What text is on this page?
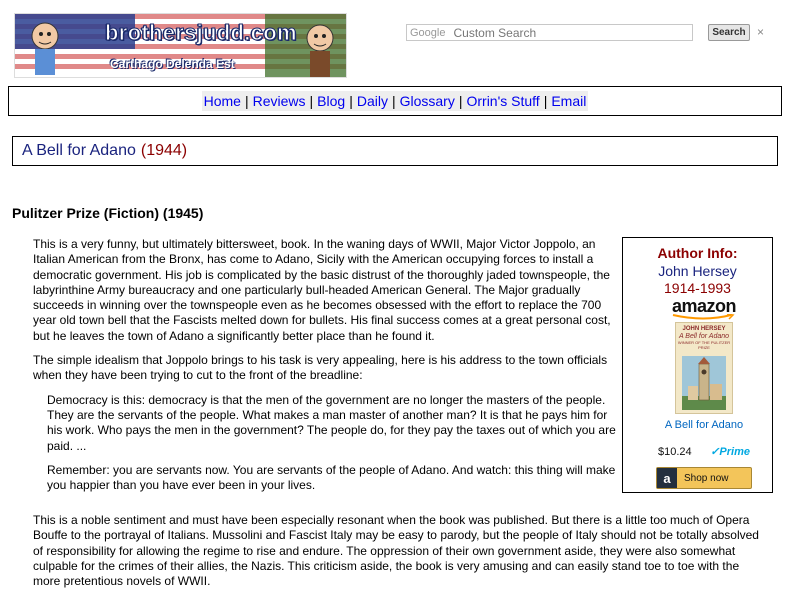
brothersjudd.com
Carthago Delenda Est
Google Custom Search	Search ×
Home | Reviews | Blog | Daily | Glossary | Orrin's Stuff | Email
A Bell for Adano (1944)
Pulitzer Prize (Fiction) (1945)

This is a very funny, but ultimately bittersweet, book. In the waning days of WWII, Major Victor Joppolo, an Italian American from the Bronx, has come to Adano, Sicily with the American occupying forces to install a democratic government. His job is complicated by the basic distrust of the thoroughly jaded townspeople, the labyrinthine Army bureaucracy and one particularly bull-headed American General. The Major gradually succeeds in winning over the townspeople even as he becomes obsessed with the effort to replace the 700 year old town bell that the Fascists melted down for bullets. His final success comes at a great personal cost, but he leaves the town of Adano a significantly better place than he found it.

The simple idealism that Joppolo brings to his task is very appealing, here is his address to the town officials when they have been trying to cut to the front of the breadline:

Democracy is this: democracy is that the men of the government are no longer the masters of the people. They are the servants of the people. What makes a man master of another man? It is that he pays him for his work. Who pays the men in the government? The people do, for they pay the taxes out of which you are paid. ...

Remember: you are servants now. You are servants of the people of Adano. And watch: this thing will make you happier than you have ever been in your lives.

This is a noble sentiment and must have been especially resonant when the book was published. But there is a little too much of Opera Bouffe to the portrayal of Italians. Mussolini and Fascist Italy may be easy to parody, but the people of Italy should not be totally absolved of responsibility for allowing the regime to rise and endure. The oppression of their own government aside, they were also somewhat culpable for the crimes of their allies, the Nazis. This criticism aside, the book is very amusing and can easily stand toe to toe with the more pretentious novels of WWII.

Author Info:
John Hersey
1914-1993
amazon
JOHN HERSEY
A Bell for Adano
WINNER OF THE PULITZER PRIZE
A Bell for Adano
$10.24 ✓Prime
a	Shop now
